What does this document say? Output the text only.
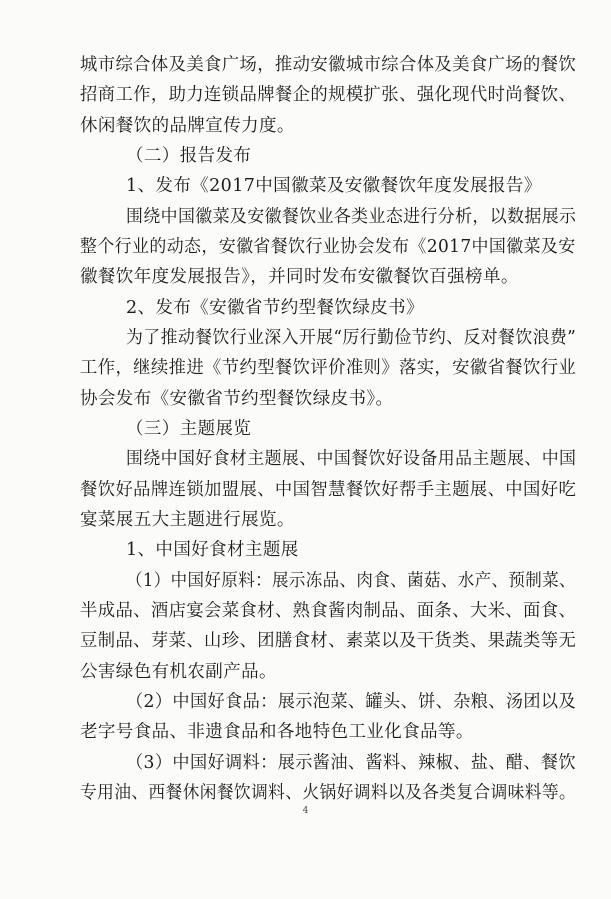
城市综合体及美食广场，推动安徽城市综合体及美食广场的餐饮
招商工作，助力连锁品牌餐企的规模扩张、强化现代时尚餐饮、
休闲餐饮的品牌宣传力度。
（二）报告发布
1、发布《2017中国徽菜及安徽餐饮年度发展报告》
围绕中国徽菜及安徽餐饮业各类业态进行分析，以数据展示
整个行业的动态，安徽省餐饮行业协会发布《2017中国徽菜及安
徽餐饮年度发展报告》，并同时发布安徽餐饮百强榜单。
2、发布《安徽省节约型餐饮绿皮书》
为了推动餐饮行业深入开展“厉行勤俭节约、反对餐饮浪费”
工作，继续推进《节约型餐饮评价准则》落实，安徽省餐饮行业
协会发布《安徽省节约型餐饮绿皮书》。
（三）主题展览
围绕中国好食材主题展、中国餐饮好设备用品主题展、中国
餐饮好品牌连锁加盟展、中国智慧餐饮好帮手主题展、中国好吃
宴菜展五大主题进行展览。
1、中国好食材主题展
（1）中国好原料：展示冻品、肉食、菌菇、水产、预制菜、
半成品、酒店宴会菜食材、熟食酱肉制品、面条、大米、面食、
豆制品、芽菜、山珍、团膳食材、素菜以及干货类、果蔬类等无
公害绿色有机农副产品。
（2）中国好食品：展示泡菜、罐头、饼、杂粮、汤团以及
老字号食品、非遗食品和各地特色工业化食品等。
（3）中国好调料：展示酱油、酱料、辣椒、盐、醋、餐饮
专用油、西餐休闲餐饮调料、火锅好调料以及各类复合调味料等。
4
